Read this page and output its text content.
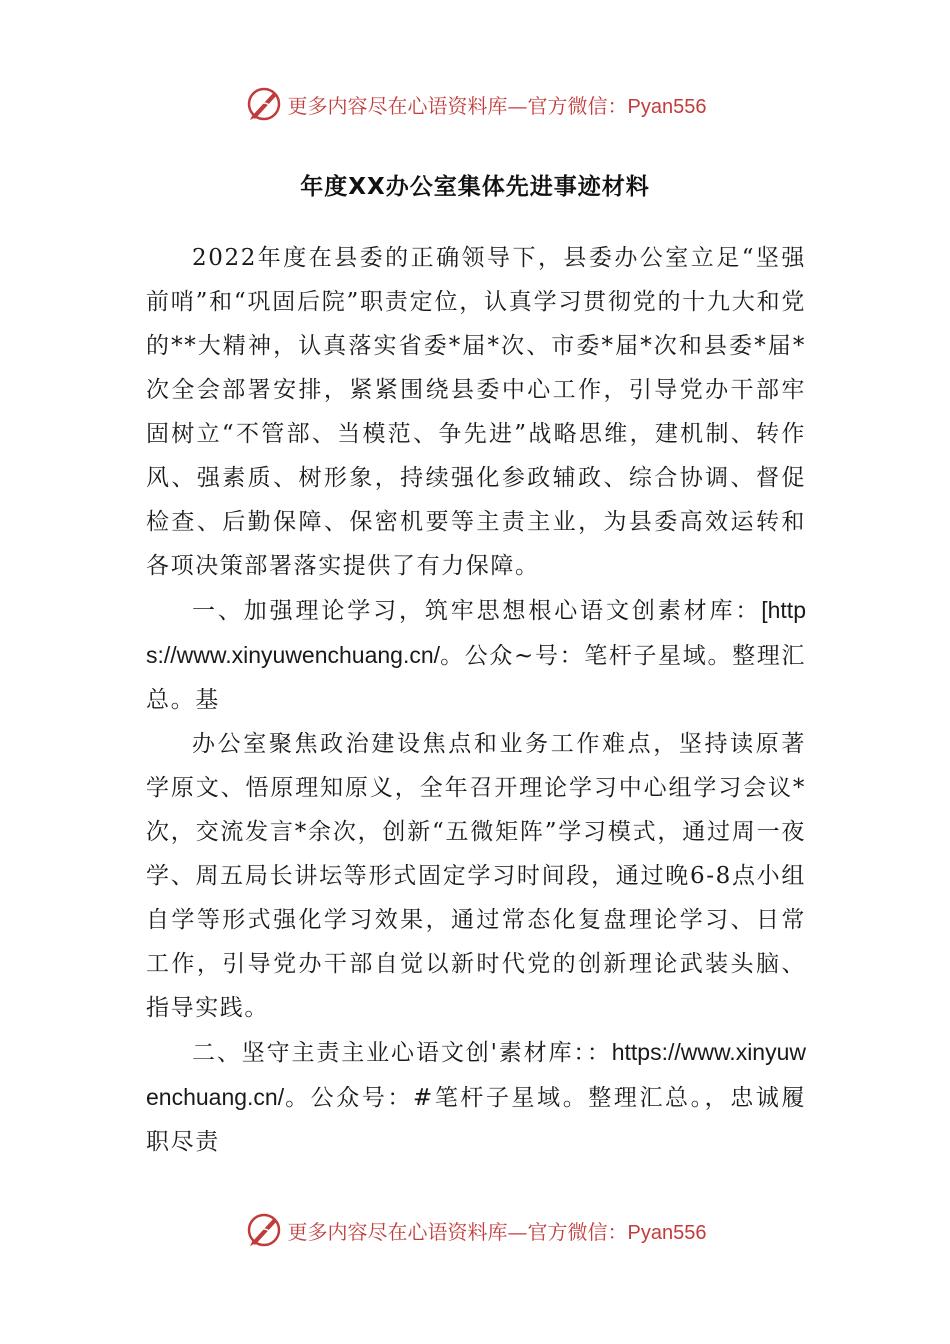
更多内容尽在心语资料库—官方微信：Pyan556
年度XX办公室集体先进事迹材料

2022年度在县委的正确领导下，县委办公室立足“坚强前哨”和“巩固后院”职责定位，认真学习贯彻党的十九大和党的**大精神，认真落实省委*届*次、市委*届*次和县委*届*次全会部署安排，紧紧围绕县委中心工作，引导党办干部牢固树立“不管部、当模范、争先进”战略思维，建机制、转作风、强素质、树形象，持续强化参政辅政、综合协调、督促检查、后勤保障、保密机要等主责主业，为县委高效运转和各项决策部署落实提供了有力保障。

一、加强理论学习，筑牢思想根心语文创素材库：[https://www.xinyuwenchuang.cn/。公众~号：笔杆子星域。整理汇总。基

办公室聚焦政治建设焦点和业务工作难点，坚持读原著学原文、悟原理知原义，全年召开理论学习中心组学习会议*次，交流发言*余次，创新“五微矩阵”学习模式，通过周一夜学、周五局长讲坛等形式固定学习时间段，通过晚6-8点小组自学等形式强化学习效果，通过常态化复盘理论学习、日常工作，引导党办干部自觉以新时代党的创新理论武装头脑、指导实践。

二、坚守主责主业心语文创'素材库：：https://www.xinyuwenchuang.cn/。公众号：#笔杆子星域。整理汇总。，忠诚履职尽责

更多内容尽在心语资料库—官方微信：Pyan556
